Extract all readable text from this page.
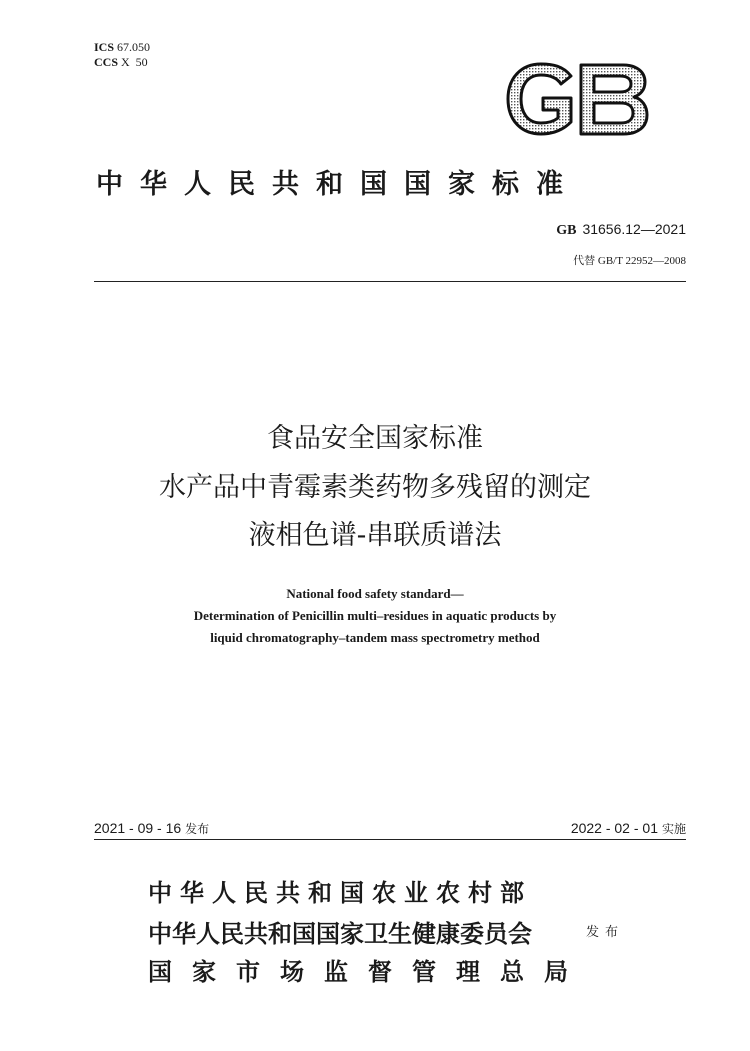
ICS 67.050
CCS X  50
中华人民共和国国家标准
GB 31656.12—2021
代替 GB/T 22952—2008
食品安全国家标准
水产品中青霉素类药物多残留的测定
液相色谱-串联质谱法
National food safety standard—
Determination of Penicillin multi–residues in aquatic products by
liquid chromatography–tandem mass spectrometry method
2021 - 09 - 16 发布	2022 - 02 - 01 实施
中华人民共和国农业农村部
中华人民共和国国家卫生健康委员会
国家市场监督管理总局
发布
